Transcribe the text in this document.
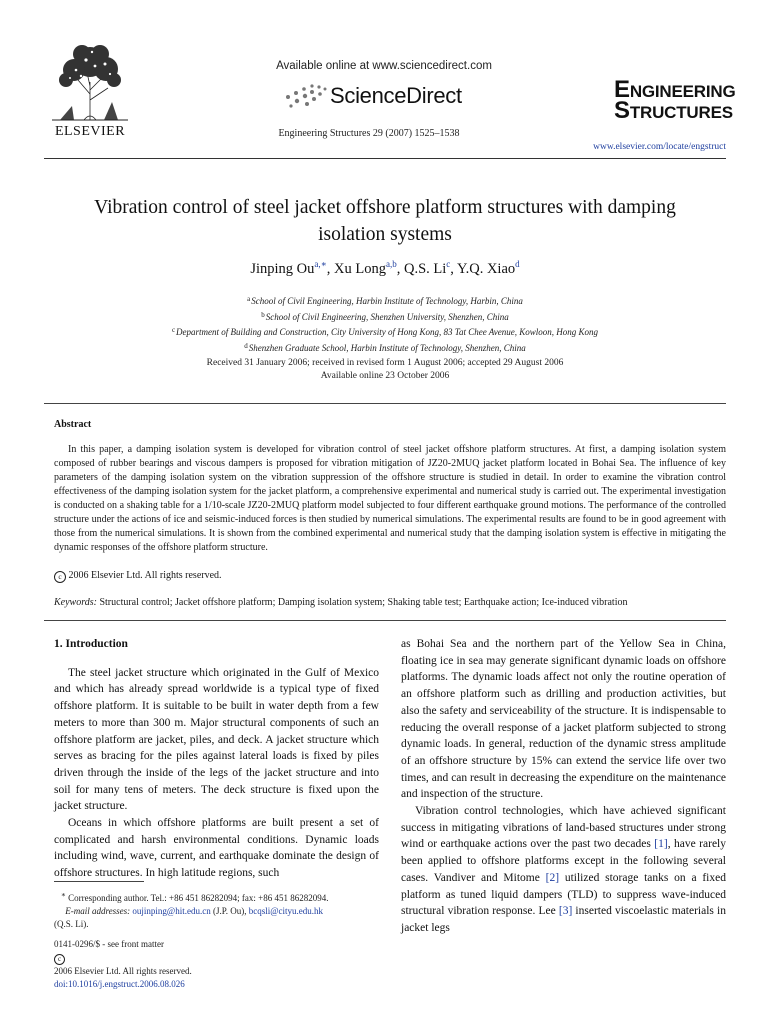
ELSEVIER
Available online at www.sciencedirect.com
ScienceDirect
Engineering Structures 29 (2007) 1525–1538
ENGINEERING
STRUCTURES
www.elsevier.com/locate/engstruct
Vibration control of steel jacket offshore platform structures with damping
isolation systems
Jinping $Ou^{a,∗}$, Xu Long$^{a,b}$, Q.S. Li$^c$, Y.Q. Xiao$^d$
$^a$School of Civil Engineering, Harbin Institute of Technology, Harbin, China
$^b$School of Civil Engineering, Shenzhen University, Shenzhen, China
$^c$Department of Building and Construction, City University of Hong Kong, 83 Tat Chee Avenue, Kowloon, Hong Kong
$^d$Shenzhen Graduate School, Harbin Institute of Technology, Shenzhen, China
Received 31 January 2006; received in revised form 1 August 2006; accepted 29 August 2006
Available online 23 October 2006
Abstract

In this paper, a damping isolation system is developed for vibration control of steel jacket offshore platform structures. At first, a damping isolation system composed of rubber bearings and viscous dampers is proposed for vibration mitigation of JZ20-2MUQ jacket platform located in Bohai Sea. The influence of key parameters of the damping isolation system on the vibration suppression of the offshore structure is studied in detail. In order to examine the vibration control effectiveness of the damping isolation system for the jacket platform, a comprehensive experimental and numerical study is carried out. The experimental investigation is conducted on a shaking table for a 1/10-scale JZ20-2MUQ platform model subjected to four different earthquake ground motions. The performance of the controlled structure under the actions of ice and seismic-induced forces is then studied by numerical simulations. The experimental results are found to be in good agreement with those from the numerical simulations. It is shown from the combined experimental and numerical study that the damping isolation system is effective in mitigating the dynamic responses of the offshore platform structure.

c 2006 Elsevier Ltd. All rights reserved.
Keywords: Structural control; Jacket offshore platform; Damping isolation system; Shaking table test; Earthquake action; Ice-induced vibration
1. Introduction

The steel jacket structure which originated in the Gulf of Mexico and which has already spread worldwide is a typical type of fixed offshore platform. It is suitable to be built in water depth from a few meters to more than 300 m. Major structural components of such an offshore platform are jacket, piles, and deck. A jacket structure which serves as bracing for the piles against lateral loads is fixed by piles driven through the inside of the legs of the jacket structure and into soil for many tens of meters. The deck structure is fixed upon the jacket structure.

Oceans in which offshore platforms are built present a set of complicated and harsh environmental conditions. Dynamic loads including wind, wave, current, and earthquake dominate the design of offshore structures. In high latitude regions, such

as Bohai Sea and the northern part of the Yellow Sea in China, floating ice in sea may generate significant dynamic loads on offshore platforms. The dynamic loads affect not only the routine operation of an offshore platform such as drilling and production activities, but also the safety and serviceability of the structure. It is indispensable to reducing the overall response of a jacket platform subjected to strong dynamic loads. In general, reduction of the dynamic stress amplitude of an offshore structure by 15% can extend the service life over two times, and can result in decreasing the expenditure on the maintenance and inspection of the structure.

Vibration control technologies, which have achieved significant success in mitigating vibrations of land-based structures under strong wind or earthquake actions over the past two decades [1], have rarely been applied to offshore platforms except in the following several cases. Vandiver and Mitome [2] utilized storage tanks on a fixed platform as tuned liquid dampers (TLD) to suppress wave-induced structural vibration response. Lee [3] inserted viscoelastic materials in jacket legs

∗ Corresponding author. Tel.: +86 451 86282094; fax: +86 451 86282094.
E-mail addresses: oujinping@hit.edu.cn (J.P. Ou), bcqsli@cityu.edu.hk
(Q.S. Li).
0141-0296/$ - see front matter
c
2006 Elsevier Ltd. All rights reserved.
doi:10.1016/j.engstruct.2006.08.026
